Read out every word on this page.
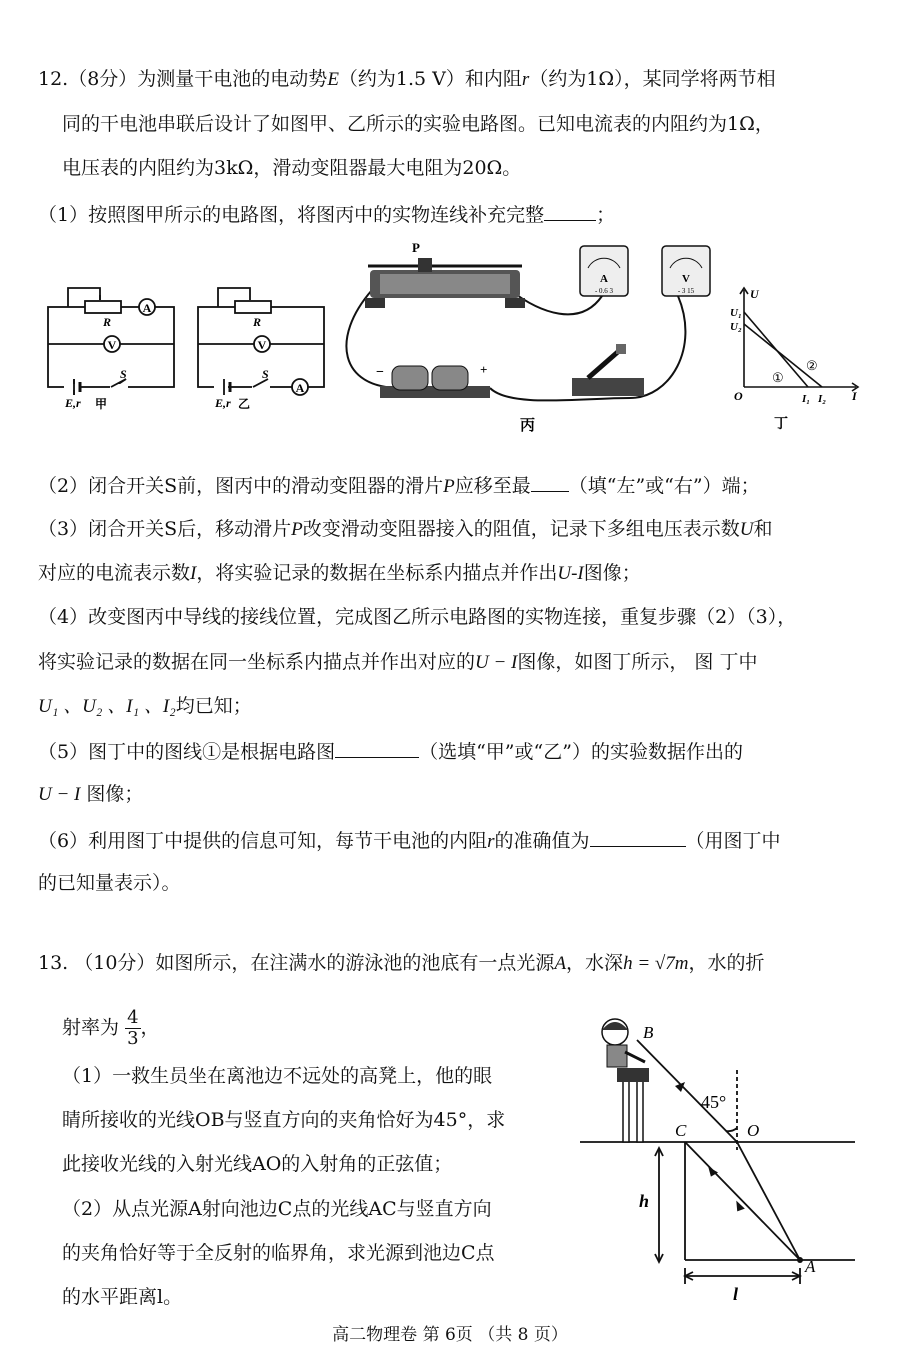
12.（8分）为测量干电池的电动势E（约为1.5 V）和内阻r（约为1Ω），某同学将两节相
同的干电池串联后设计了如图甲、乙所示的实验电路图。已知电流表的内阻约为1Ω，
电压表的内阻约为3kΩ，滑动变阻器最大电阻为20Ω。
（1）按照图甲所示的电路图，将图丙中的实物连线补充完整	；
A
V
R
E,r
S
甲
A
V
R
E,r
S
乙
P
A
- 0.6 3
V
- 3 15
−	+
丙
U
I
U₁
U₂
O	I₁ I₂
①
②
丁
（2）闭合开关S前，图丙中的滑动变阻器的滑片P应移至最 （填“左”或“右”）端；
（3）闭合开关S后，移动滑片P改变滑动变阻器接入的阻值，记录下多组电压表示数U和
对应的电流表示数I，将实验记录的数据在坐标系内描点并作出U-I图像；
（4）改变图丙中导线的接线位置，完成图乙所示电路图的实物连接，重复步骤（2）（3），
将实验记录的数据在同一坐标系内描点并作出对应的U − I图像，如图丁所示， 图 丁中
U₁ 、U₂ 、I₁ 、I₂均已知；
（5）图丁中的图线①是根据电路图	（选填“甲”或“乙”）的实验数据作出的
U − I 图像；
（6）利用图丁中提供的信息可知，每节干电池的内阻r的准确值为	（用图丁中
的已知量表示）。
13. （10分）如图所示，在注满水的游泳池的池底有一点光源A，水深h = √7m，水的折
射率为 $\frac{4}{3}$ ，
（1）一救生员坐在离池边不远处的高凳上，他的眼
睛所接收的光线OB与竖直方向的夹角恰好为45°，求
此接收光线的入射光线AO的入射角的正弦值；
（2）从点光源A射向池边C点的光线AC与竖直方向
的夹角恰好等于全反射的临界角，求光源到池边C点
的水平距离l。
B
C	O
A
h
l
45°
高二物理卷 第 6页 （共 8 页）
